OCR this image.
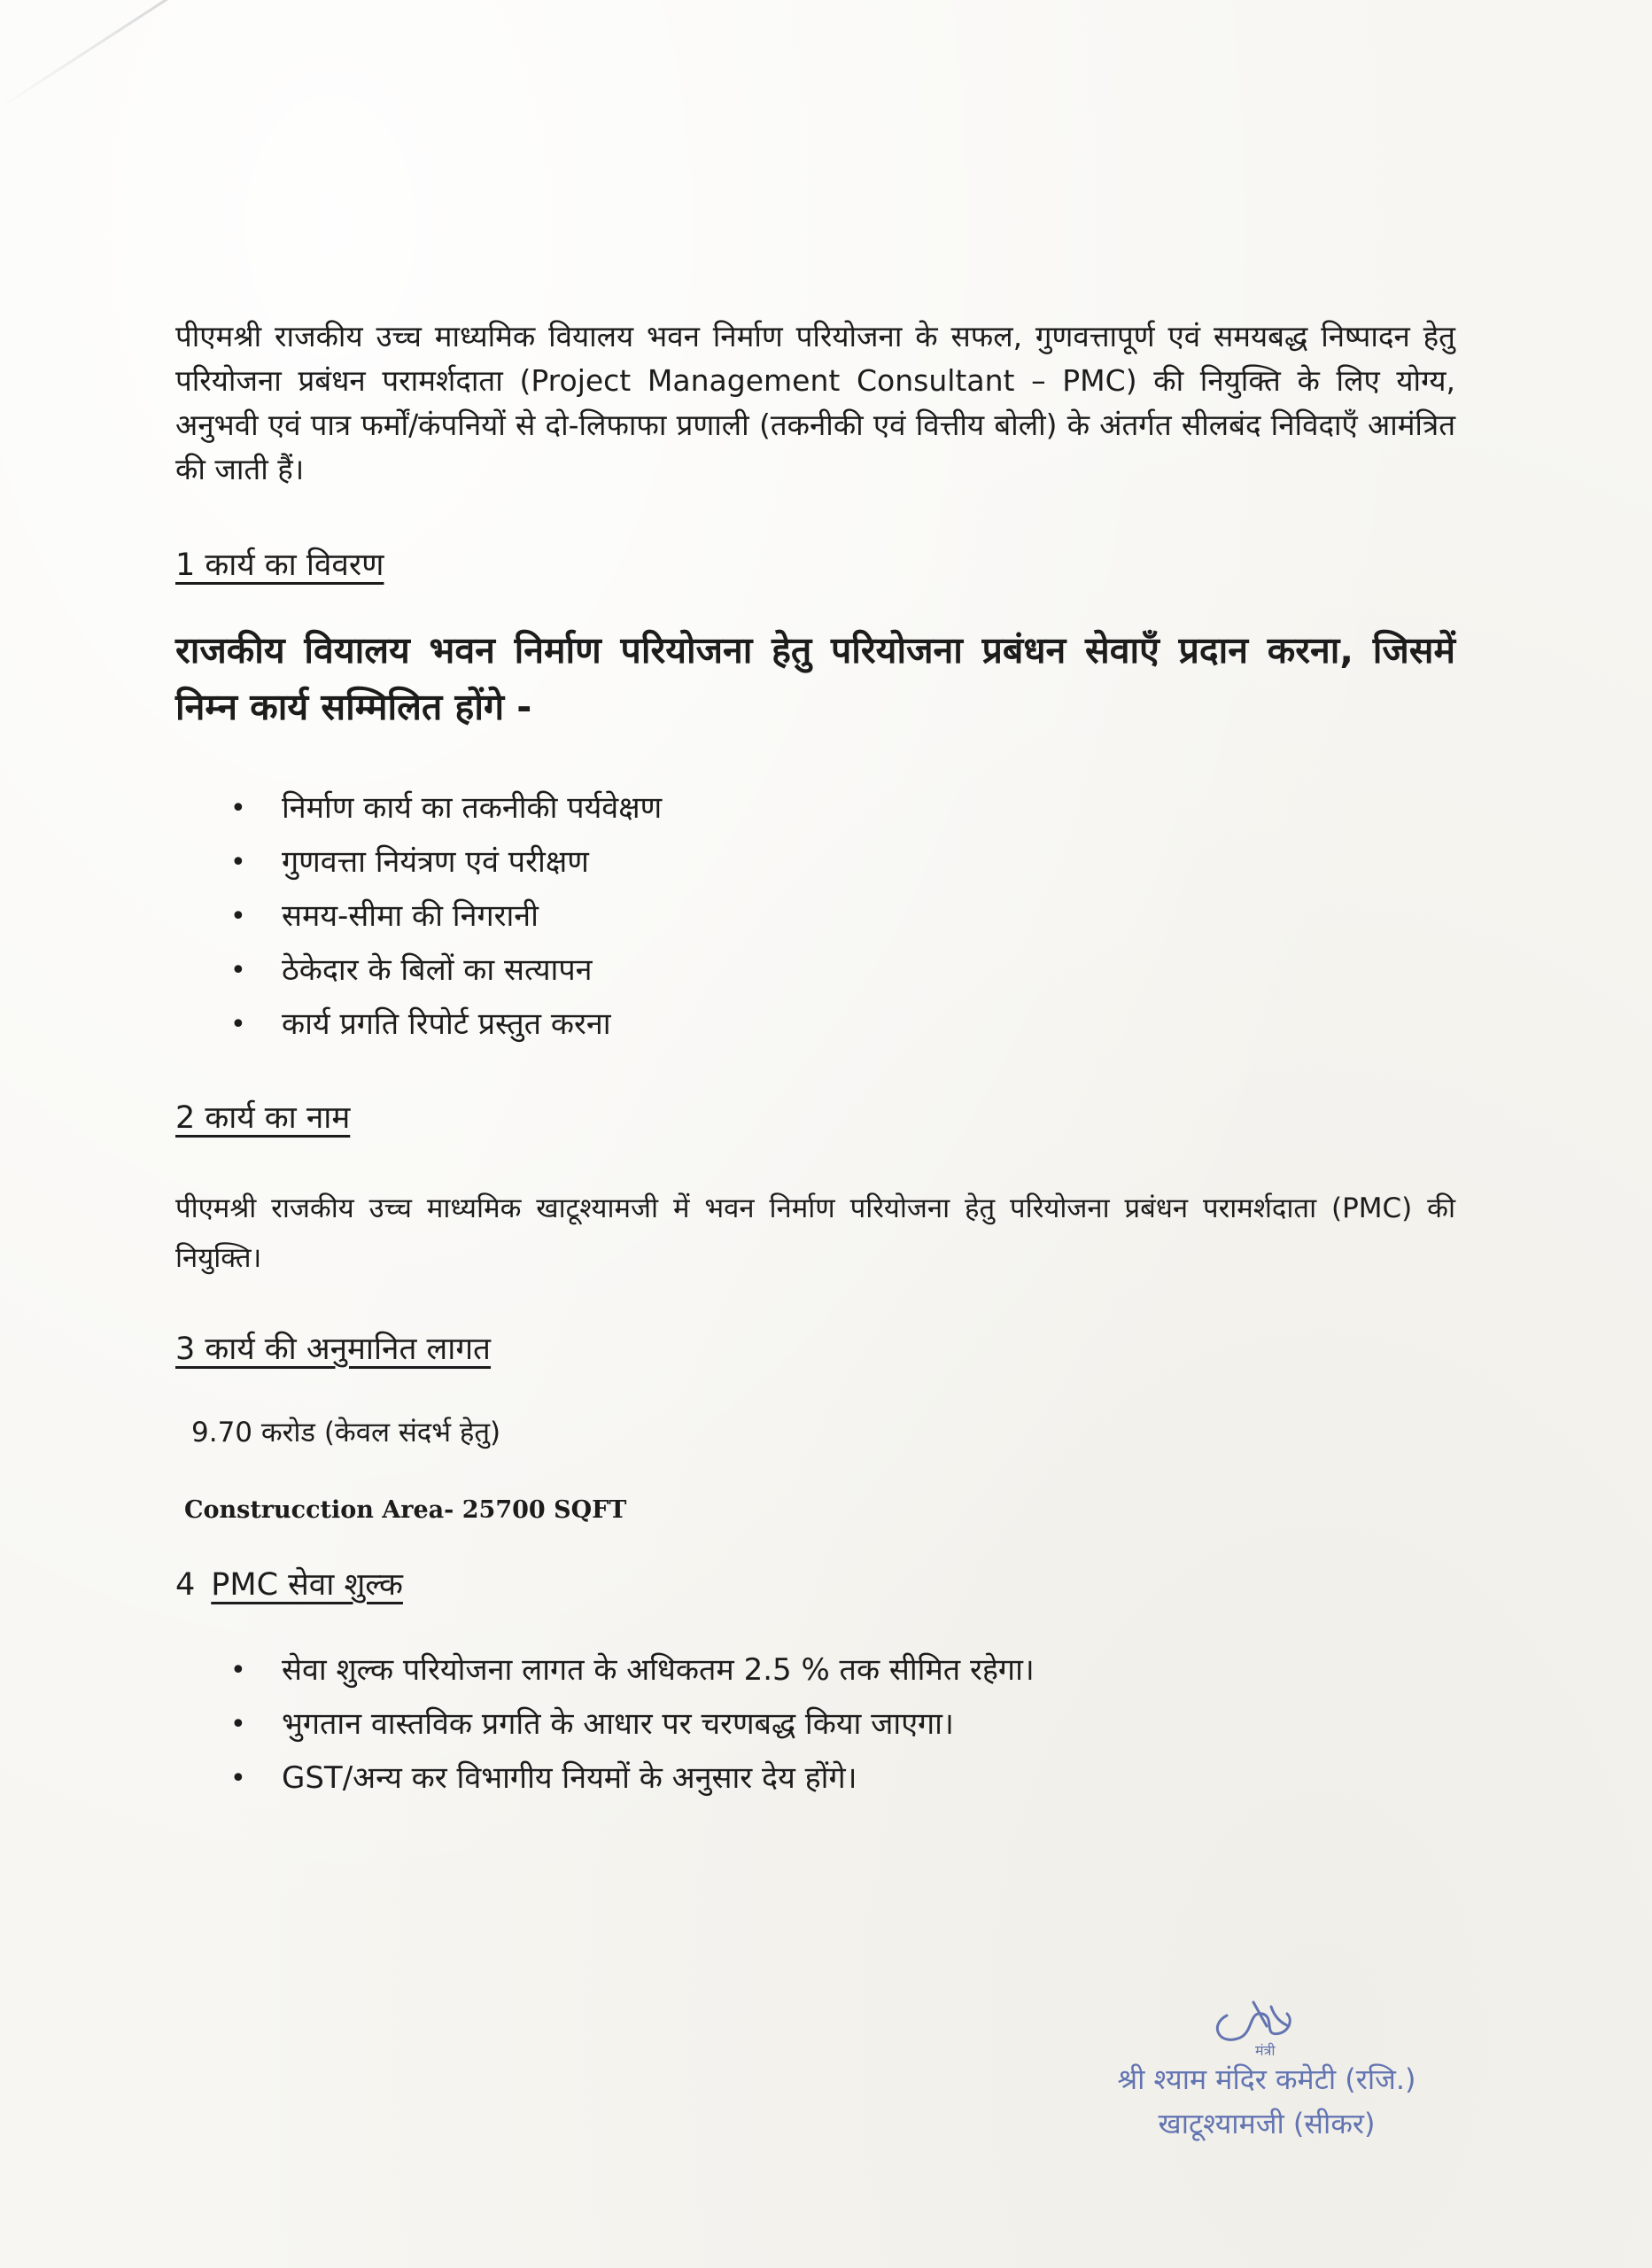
पीएमश्री राजकीय उच्च माध्यमिक वियालय भवन निर्माण परियोजना के सफल, गुणवत्तापूर्ण एवं समयबद्ध निष्पादन हेतु परियोजना प्रबंधन परामर्शदाता (Project Management Consultant – PMC) की नियुक्ति के लिए योग्य, अनुभवी एवं पात्र फर्मों/कंपनियों से दो-लिफाफा प्रणाली (तकनीकी एवं वित्तीय बोली) के अंतर्गत सीलबंद निविदाएँ आमंत्रित की जाती हैं।

1 कार्य का विवरण

राजकीय वियालय भवन निर्माण परियोजना हेतु परियोजना प्रबंधन सेवाएँ प्रदान करना, जिसमें निम्न कार्य सम्मिलित होंगे -

• निर्माण कार्य का तकनीकी पर्यवेक्षण
• गुणवत्ता नियंत्रण एवं परीक्षण
• समय-सीमा की निगरानी
• ठेकेदार के बिलों का सत्यापन
• कार्य प्रगति रिपोर्ट प्रस्तुत करना

2 कार्य का नाम

पीएमश्री राजकीय उच्च माध्यमिक खाटूश्यामजी में भवन निर्माण परियोजना हेतु परियोजना प्रबंधन परामर्शदाता (PMC) की नियुक्ति।

3 कार्य की अनुमानित लागत

9.70 करोड (केवल संदर्भ हेतु)

Construcction Area- 25700 SQFT

4 PMC सेवा शुल्क

• सेवा शुल्क परियोजना लागत के अधिकतम 2.5 % तक सीमित रहेगा।
• भुगतान वास्तविक प्रगति के आधार पर चरणबद्ध किया जाएगा।
• GST/अन्य कर विभागीय नियमों के अनुसार देय होंगे।
मंत्री
श्री श्याम मंदिर कमेटी (रजि.)
खाटूश्यामजी (सीकर)
